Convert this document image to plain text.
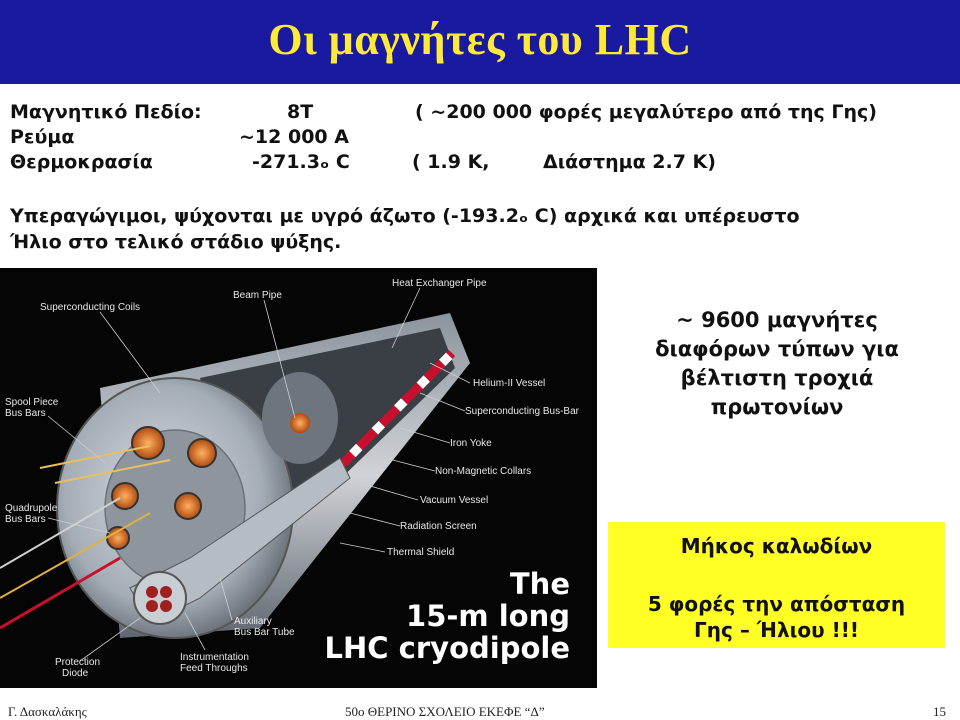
Οι μαγνήτες του LHC
Μαγνητικό Πεδίο:	8T	( ~200 000 φορές μεγαλύτερο από της Γης)
Ρεύμα	~12 000 A
Θερμοκρασία	-271.3ₒ C	( 1.9 K,	Διάστημα 2.7 K)
Υπεραγώγιμοι, ψύχονται με υγρό άζωτο (-193.2ₒ C) αρχικά και υπέρευστο
Ήλιο στο τελικό στάδιο ψύξης.
Superconducting Coils
Beam Pipe
Heat Exchanger Pipe
Spool Piece
Bus Bars
Helium-II Vessel
Superconducting Bus-Bar
Iron Yoke
Non-Magnetic Collars
Quadrupole
Bus Bars
Vacuum Vessel
Radiation Screen
Thermal Shield
Auxiliary
Bus Bar Tube
Instrumentation
Feed Throughs
Protection
Diode
The
15-m long
LHC cryodipole
~ 9600 μαγνήτες
διαφόρων τύπων για
βέλτιστη τροχιά
πρωτονίων
Μήκος καλωδίων
5 φορές την απόσταση
Γης – Ήλιου !!!
Γ. Δασκαλάκης	50ο ΘΕΡΙΝΟ ΣΧΟΛΕΙΟ ΕΚΕΦΕ “Δ”	15
